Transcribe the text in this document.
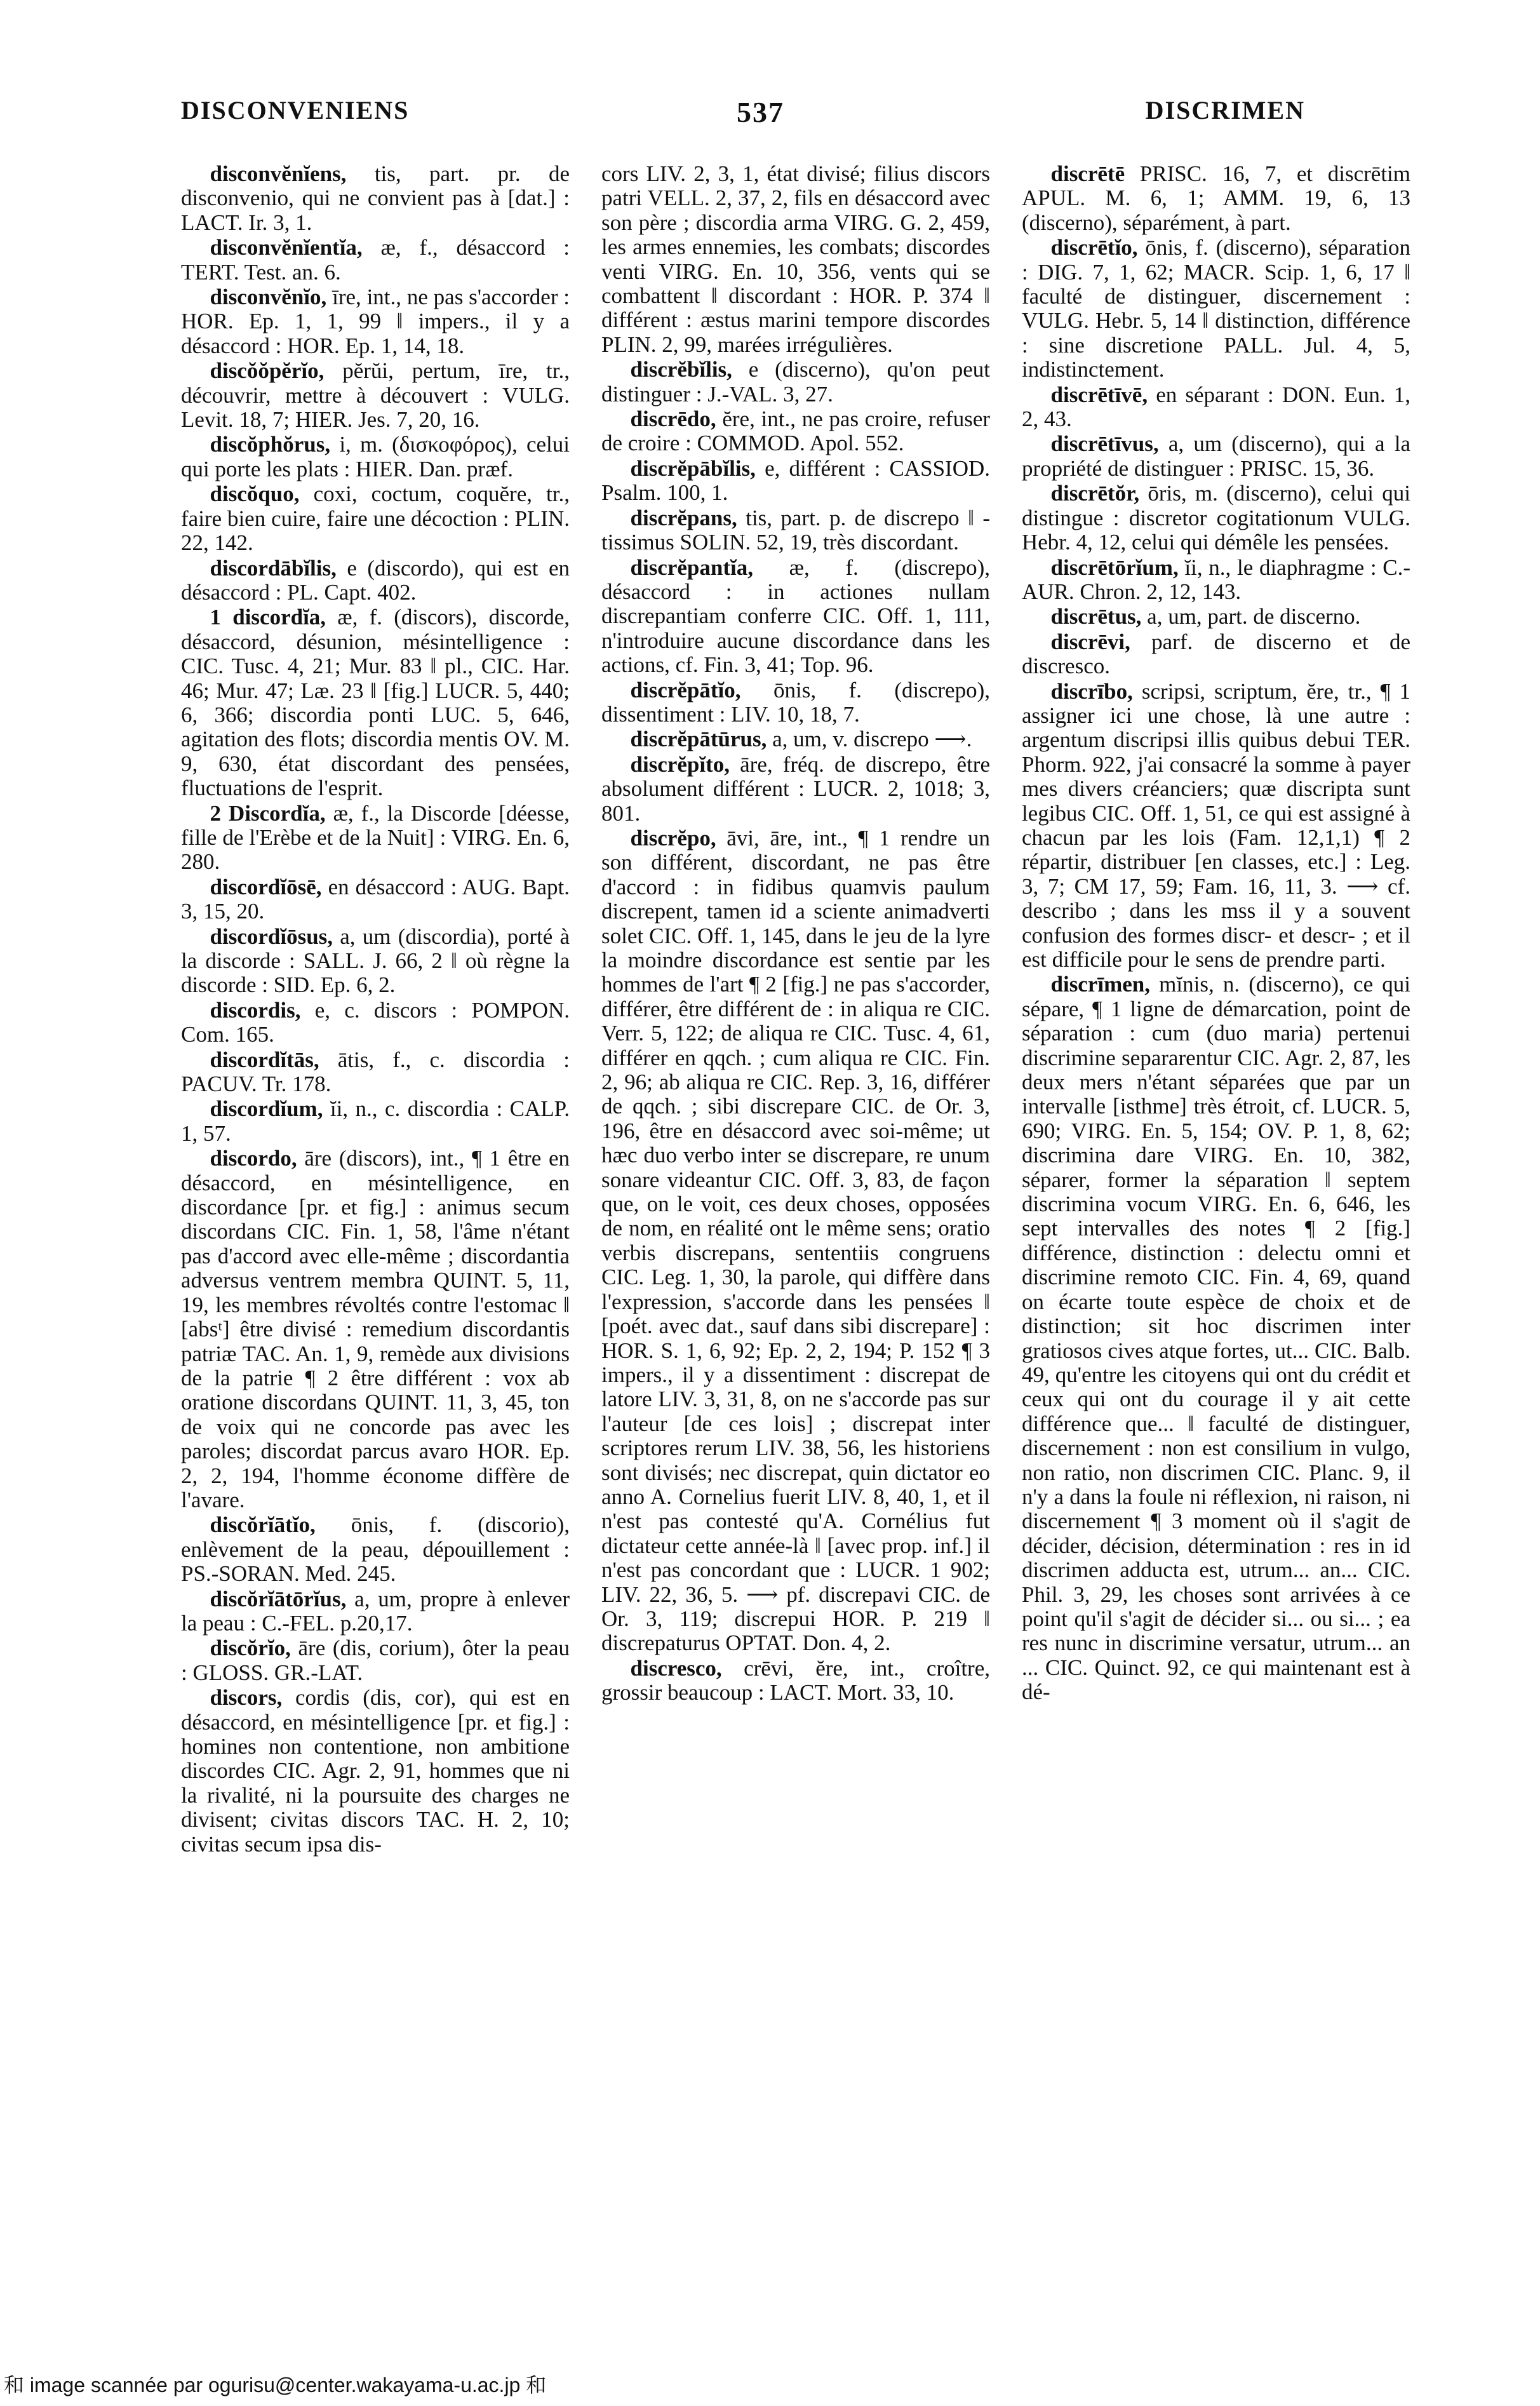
DISCONVENIENS	537	DISCRIMEN

disconvĕnĭens, tis, part. pr. de disconvenio, qui ne convient pas à [dat.] : LACT. Ir. 3, 1.

disconvĕnĭentĭa, æ, f., désaccord : TERT. Test. an. 6.

disconvĕnĭo, īre, int., ne pas s'accorder : HOR. Ep. 1, 1, 99 ‖ impers., il y a désaccord : HOR. Ep. 1, 14, 18.

discŏŏpĕrĭo, pĕrŭi, pertum, īre, tr., découvrir, mettre à découvert : VULG. Levit. 18, 7; HIER. Jes. 7, 20, 16.

discŏphŏrus, i, m. (δισκοφόρος), celui qui porte les plats : HIER. Dan. præf.

discŏquo, coxi, coctum, coquĕre, tr., faire bien cuire, faire une décoction : PLIN. 22, 142.

discordābĭlis, e (discordo), qui est en désaccord : PL. Capt. 402.

1 discordĭa, æ, f. (discors), discorde, désaccord, désunion, mésintelligence : CIC. Tusc. 4, 21; Mur. 83 ‖ pl., CIC. Har. 46; Mur. 47; Læ. 23 ‖ [fig.] LUCR. 5, 440; 6, 366; discordia ponti LUC. 5, 646, agitation des flots; discordia mentis OV. M. 9, 630, état discordant des pensées, fluctuations de l'esprit.

2 Discordĭa, æ, f., la Discorde [déesse, fille de l'Erèbe et de la Nuit] : VIRG. En. 6, 280.

discordĭōsē, en désaccord : AUG. Bapt. 3, 15, 20.

discordĭōsus, a, um (discordia), porté à la discorde : SALL. J. 66, 2 ‖ où règne la discorde : SID. Ep. 6, 2.

discordis, e, c. discors : POMPON. Com. 165.

discordĭtās, ātis, f., c. discordia : PACUV. Tr. 178.

discordĭum, ĭi, n., c. discordia : CALP. 1, 57.

discordo, āre (discors), int., ¶ 1 être en désaccord, en mésintelligence, en discordance [pr. et fig.] : animus secum discordans CIC. Fin. 1, 58, l'âme n'étant pas d'accord avec elle-même ; discordantia adversus ventrem membra QUINT. 5, 11, 19, les membres révoltés contre l'estomac ‖ [absᵗ] être divisé : remedium discordantis patriæ TAC. An. 1, 9, remède aux divisions de la patrie ¶ 2 être différent : vox ab oratione discordans QUINT. 11, 3, 45, ton de voix qui ne concorde pas avec les paroles; discordat parcus avaro HOR. Ep. 2, 2, 194, l'homme économe diffère de l'avare.

discŏrĭātĭo, ōnis, f. (discorio), enlèvement de la peau, dépouillement : PS.-SORAN. Med. 245.

discŏrĭātōrĭus, a, um, propre à enlever la peau : C.-FEL. p.20,17.

discŏrĭo, āre (dis, corium), ôter la peau : GLOSS. GR.-LAT.

discors, cordis (dis, cor), qui est en désaccord, en mésintelligence [pr. et fig.] : homines non contentione, non ambitione discordes CIC. Agr. 2, 91, hommes que ni la rivalité, ni la poursuite des charges ne divisent; civitas discors TAC. H. 2, 10; civitas secum ipsa dis-

cors LIV. 2, 3, 1, état divisé; filius discors patri VELL. 2, 37, 2, fils en désaccord avec son père ; discordia arma VIRG. G. 2, 459, les armes ennemies, les combats; discordes venti VIRG. En. 10, 356, vents qui se combattent ‖ discordant : HOR. P. 374 ‖ différent : æstus marini tempore discordes PLIN. 2, 99, marées irrégulières.

discrĕbĭlis, e (discerno), qu'on peut distinguer : J.-VAL. 3, 27.

discrēdo, ĕre, int., ne pas croire, refuser de croire : COMMOD. Apol. 552.

discrĕpābĭlis, e, différent : CASSIOD. Psalm. 100, 1.

discrĕpans, tis, part. p. de discrepo ‖ -tissimus SOLIN. 52, 19, très discordant.

discrĕpantĭa, æ, f. (discrepo), désaccord : in actiones nullam discrepantiam conferre CIC. Off. 1, 111, n'introduire aucune discordance dans les actions, cf. Fin. 3, 41; Top. 96.

discrĕpātĭo, ōnis, f. (discrepo), dissentiment : LIV. 10, 18, 7.

discrĕpātūrus, a, um, v. discrepo ⟶.

discrĕpĭto, āre, fréq. de discrepo, être absolument différent : LUCR. 2, 1018; 3, 801.

discrĕpo, āvi, āre, int., ¶ 1 rendre un son différent, discordant, ne pas être d'accord : in fidibus quamvis paulum discrepent, tamen id a sciente animadverti solet CIC. Off. 1, 145, dans le jeu de la lyre la moindre discordance est sentie par les hommes de l'art ¶ 2 [fig.] ne pas s'accorder, différer, être différent de : in aliqua re CIC. Verr. 5, 122; de aliqua re CIC. Tusc. 4, 61, différer en qqch. ; cum aliqua re CIC. Fin. 2, 96; ab aliqua re CIC. Rep. 3, 16, différer de qqch. ; sibi discrepare CIC. de Or. 3, 196, être en désaccord avec soi-même; ut hæc duo verbo inter se discrepare, re unum sonare videantur CIC. Off. 3, 83, de façon que, on le voit, ces deux choses, opposées de nom, en réalité ont le même sens; oratio verbis discrepans, sententiis congruens CIC. Leg. 1, 30, la parole, qui diffère dans l'expression, s'accorde dans les pensées ‖ [poét. avec dat., sauf dans sibi discrepare] : HOR. S. 1, 6, 92; Ep. 2, 2, 194; P. 152 ¶ 3 impers., il y a dissentiment : discrepat de latore LIV. 3, 31, 8, on ne s'accorde pas sur l'auteur [de ces lois] ; discrepat inter scriptores rerum LIV. 38, 56, les historiens sont divisés; nec discrepat, quin dictator eo anno A. Cornelius fuerit LIV. 8, 40, 1, et il n'est pas contesté qu'A. Cornélius fut dictateur cette année-là ‖ [avec prop. inf.] il n'est pas concordant que : LUCR. 1 902; LIV. 22, 36, 5. ⟶ pf. discrepavi CIC. de Or. 3, 119; discrepui HOR. P. 219 ‖ discrepaturus OPTAT. Don. 4, 2.

discresco, crēvi, ĕre, int., croître, grossir beaucoup : LACT. Mort. 33, 10.

discrētē PRISC. 16, 7, et discrētim APUL. M. 6, 1; AMM. 19, 6, 13 (discerno), séparément, à part.

discrētĭo, ōnis, f. (discerno), séparation : DIG. 7, 1, 62; MACR. Scip. 1, 6, 17 ‖ faculté de distinguer, discernement : VULG. Hebr. 5, 14 ‖ distinction, différence : sine discretione PALL. Jul. 4, 5, indistinctement.

discrētīvē, en séparant : DON. Eun. 1, 2, 43.

discrētīvus, a, um (discerno), qui a la propriété de distinguer : PRISC. 15, 36.

discrētŏr, ōris, m. (discerno), celui qui distingue : discretor cogitationum VULG. Hebr. 4, 12, celui qui démêle les pensées.

discrētōrĭum, ĭi, n., le diaphragme : C.-AUR. Chron. 2, 12, 143.

discrētus, a, um, part. de discerno.

discrēvi, parf. de discerno et de discresco.

discrībo, scripsi, scriptum, ĕre, tr., ¶ 1 assigner ici une chose, là une autre : argentum discripsi illis quibus debui TER. Phorm. 922, j'ai consacré la somme à payer mes divers créanciers; quæ discripta sunt legibus CIC. Off. 1, 51, ce qui est assigné à chacun par les lois (Fam. 12,1,1) ¶ 2 répartir, distribuer [en classes, etc.] : Leg. 3, 7; CM 17, 59; Fam. 16, 11, 3. ⟶ cf. describo ; dans les mss il y a souvent confusion des formes discr- et descr- ; et il est difficile pour le sens de prendre parti.

discrīmen, mĭnis, n. (discerno), ce qui sépare, ¶ 1 ligne de démarcation, point de séparation : cum (duo maria) pertenui discrimine separarentur CIC. Agr. 2, 87, les deux mers n'étant séparées que par un intervalle [isthme] très étroit, cf. LUCR. 5, 690; VIRG. En. 5, 154; OV. P. 1, 8, 62; discrimina dare VIRG. En. 10, 382, séparer, former la séparation ‖ septem discrimina vocum VIRG. En. 6, 646, les sept intervalles des notes ¶ 2 [fig.] différence, distinction : delectu omni et discrimine remoto CIC. Fin. 4, 69, quand on écarte toute espèce de choix et de distinction; sit hoc discrimen inter gratiosos cives atque fortes, ut... CIC. Balb. 49, qu'entre les citoyens qui ont du crédit et ceux qui ont du courage il y ait cette différence que... ‖ faculté de distinguer, discernement : non est consilium in vulgo, non ratio, non discrimen CIC. Planc. 9, il n'y a dans la foule ni réflexion, ni raison, ni discernement ¶ 3 moment où il s'agit de décider, décision, détermination : res in id discrimen adducta est, utrum... an... CIC. Phil. 3, 29, les choses sont arrivées à ce point qu'il s'agit de décider si... ou si... ; ea res nunc in discrimine versatur, utrum... an ... CIC. Quinct. 92, ce qui maintenant est à dé-

和 image scannée par ogurisu@center.wakayama-u.ac.jp 和
